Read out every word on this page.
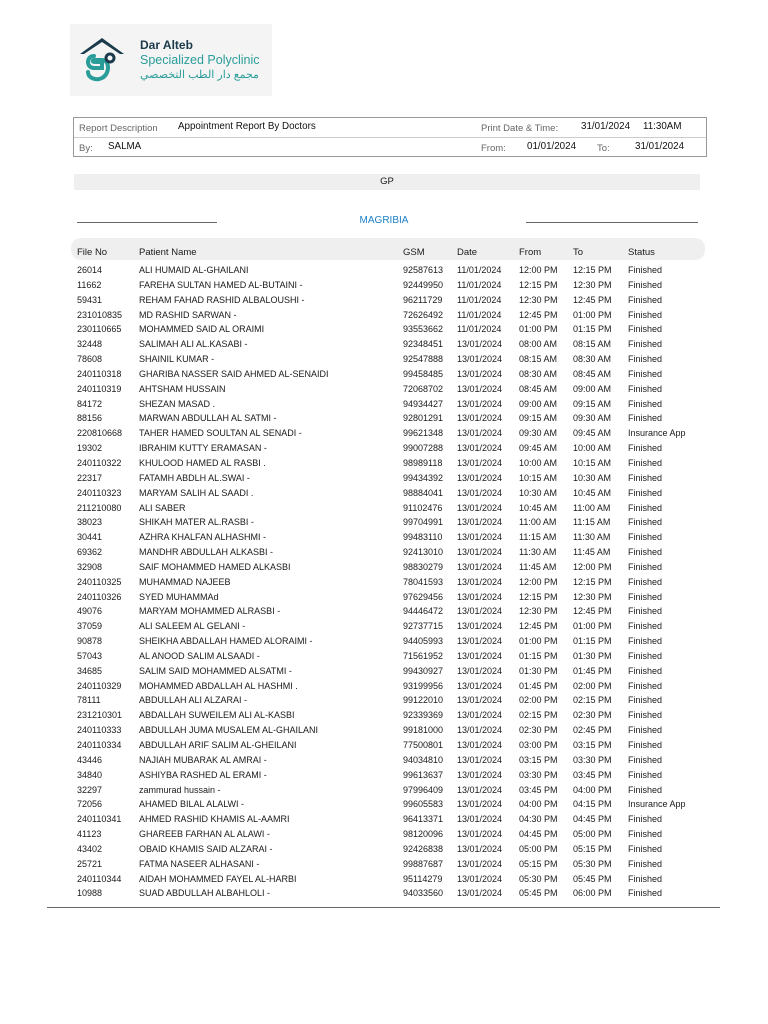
Dar Alteb
Specialized Polyclinic
مجمع دار الطب التخصصي
Report Description Appointment Report By Doctors	Print Date & Time: 31/01/2024 11:30AM
By: SALMA	From: 01/01/2024 To:	31/01/2024
GP
MAGRIBIA
File No	Patient Name	GSM	Date	From	To	Status
26014	ALI HUMAID AL-GHAILANI	92587613 11/01/2024 12:00 PM 12:15 PM Finished
11662	FAREHA SULTAN HAMED AL-BUTAINI -	92449950 11/01/2024 12:15 PM 12:30 PM Finished
59431	REHAM FAHAD RASHID ALBALOUSHI -	96211729 11/01/2024 12:30 PM 12:45 PM Finished
231010835 MD RASHID SARWAN -	72626492 11/01/2024 12:45 PM 01:00 PM Finished
230110665 MOHAMMED SAID AL ORAIMI	93553662 11/01/2024 01:00 PM 01:15 PM Finished
32448	SALIMAH ALI AL.KASABI -	92348451 13/01/2024 08:00 AM 08:15 AM Finished
78608	SHAINIL KUMAR -	92547888 13/01/2024 08:15 AM 08:30 AM Finished
240110318 GHARIBA NASSER SAID AHMED AL-SENAIDI	99458485 13/01/2024 08:30 AM 08:45 AM Finished
240110319 AHTSHAM HUSSAIN	72068702 13/01/2024 08:45 AM 09:00 AM Finished
84172	SHEZAN MASAD .	94934427 13/01/2024 09:00 AM 09:15 AM Finished
88156	MARWAN ABDULLAH AL SATMI -	92801291 13/01/2024 09:15 AM 09:30 AM Finished
220810668 TAHER HAMED SOULTAN AL SENADI -	99621348 13/01/2024 09:30 AM 09:45 AM Insurance App
19302	IBRAHIM KUTTY ERAMASAN -	99007288 13/01/2024 09:45 AM 10:00 AM Finished
240110322 KHULOOD HAMED AL RASBI .	98989118 13/01/2024 10:00 AM 10:15 AM Finished
22317	FATAMH ABDLH AL.SWAI -	99434392 13/01/2024 10:15 AM 10:30 AM Finished
240110323 MARYAM SALIH AL SAADI .	98884041 13/01/2024 10:30 AM 10:45 AM Finished
211210080 ALI SABER	91102476 13/01/2024 10:45 AM 11:00 AM Finished
38023	SHIKAH MATER AL.RASBI -	99704991 13/01/2024 11:00 AM 11:15 AM Finished
30441	AZHRA KHALFAN ALHASHMI -	99483110 13/01/2024 11:15 AM 11:30 AM Finished
69362	MANDHR ABDULLAH ALKASBI -	92413010 13/01/2024 11:30 AM 11:45 AM Finished
32908	SAIF MOHAMMED HAMED ALKASBI	98830279 13/01/2024 11:45 AM 12:00 PM Finished
240110325 MUHAMMAD NAJEEB	78041593 13/01/2024 12:00 PM 12:15 PM Finished
240110326 SYED MUHAMMAd	97629456 13/01/2024 12:15 PM 12:30 PM Finished
49076	MARYAM MOHAMMED ALRASBI -	94446472 13/01/2024 12:30 PM 12:45 PM Finished
37059	ALI SALEEM AL GELANI -	92737715 13/01/2024 12:45 PM 01:00 PM Finished
90878	SHEIKHA ABDALLAH HAMED ALORAIMI -	94405993 13/01/2024 01:00 PM 01:15 PM Finished
57043	AL ANOOD SALIM ALSAADI -	71561952 13/01/2024 01:15 PM 01:30 PM Finished
34685	SALIM SAID MOHAMMED ALSATMI -	99430927 13/01/2024 01:30 PM 01:45 PM Finished
240110329 MOHAMMED ABDALLAH AL HASHMI .	93199956 13/01/2024 01:45 PM 02:00 PM Finished
78111	ABDULLAH ALI ALZARAI -	99122010 13/01/2024 02:00 PM 02:15 PM Finished
231210301 ABDALLAH SUWEILEM ALI AL-KASBI	92339369 13/01/2024 02:15 PM 02:30 PM Finished
240110333 ABDULLAH JUMA MUSALEM AL-GHAILANI	99181000 13/01/2024 02:30 PM 02:45 PM Finished
240110334 ABDULLAH ARIF SALIM AL-GHEILANI	77500801 13/01/2024 03:00 PM 03:15 PM Finished
43446	NAJIAH MUBARAK AL AMRAI -	94034810 13/01/2024 03:15 PM 03:30 PM Finished
34840	ASHIYBA RASHED AL ERAMI -	99613637 13/01/2024 03:30 PM 03:45 PM Finished
32297	zammurad hussain -	97996409 13/01/2024 03:45 PM 04:00 PM Finished
72056	AHAMED BILAL ALALWI -	99605583 13/01/2024 04:00 PM 04:15 PM Insurance App
240110341 AHMED RASHID KHAMIS AL-AAMRI	96413371 13/01/2024 04:30 PM 04:45 PM Finished
41123	GHAREEB FARHAN AL ALAWI -	98120096 13/01/2024 04:45 PM 05:00 PM Finished
43402	OBAID KHAMIS SAID ALZARAI -	92426838 13/01/2024 05:00 PM 05:15 PM Finished
25721	FATMA NASEER ALHASANI -	99887687 13/01/2024 05:15 PM 05:30 PM Finished
240110344 AIDAH MOHAMMED FAYEL AL-HARBI	95114279 13/01/2024 05:30 PM 05:45 PM Finished
10988	SUAD ABDULLAH ALBAHLOLI -	94033560 13/01/2024 05:45 PM 06:00 PM Finished
